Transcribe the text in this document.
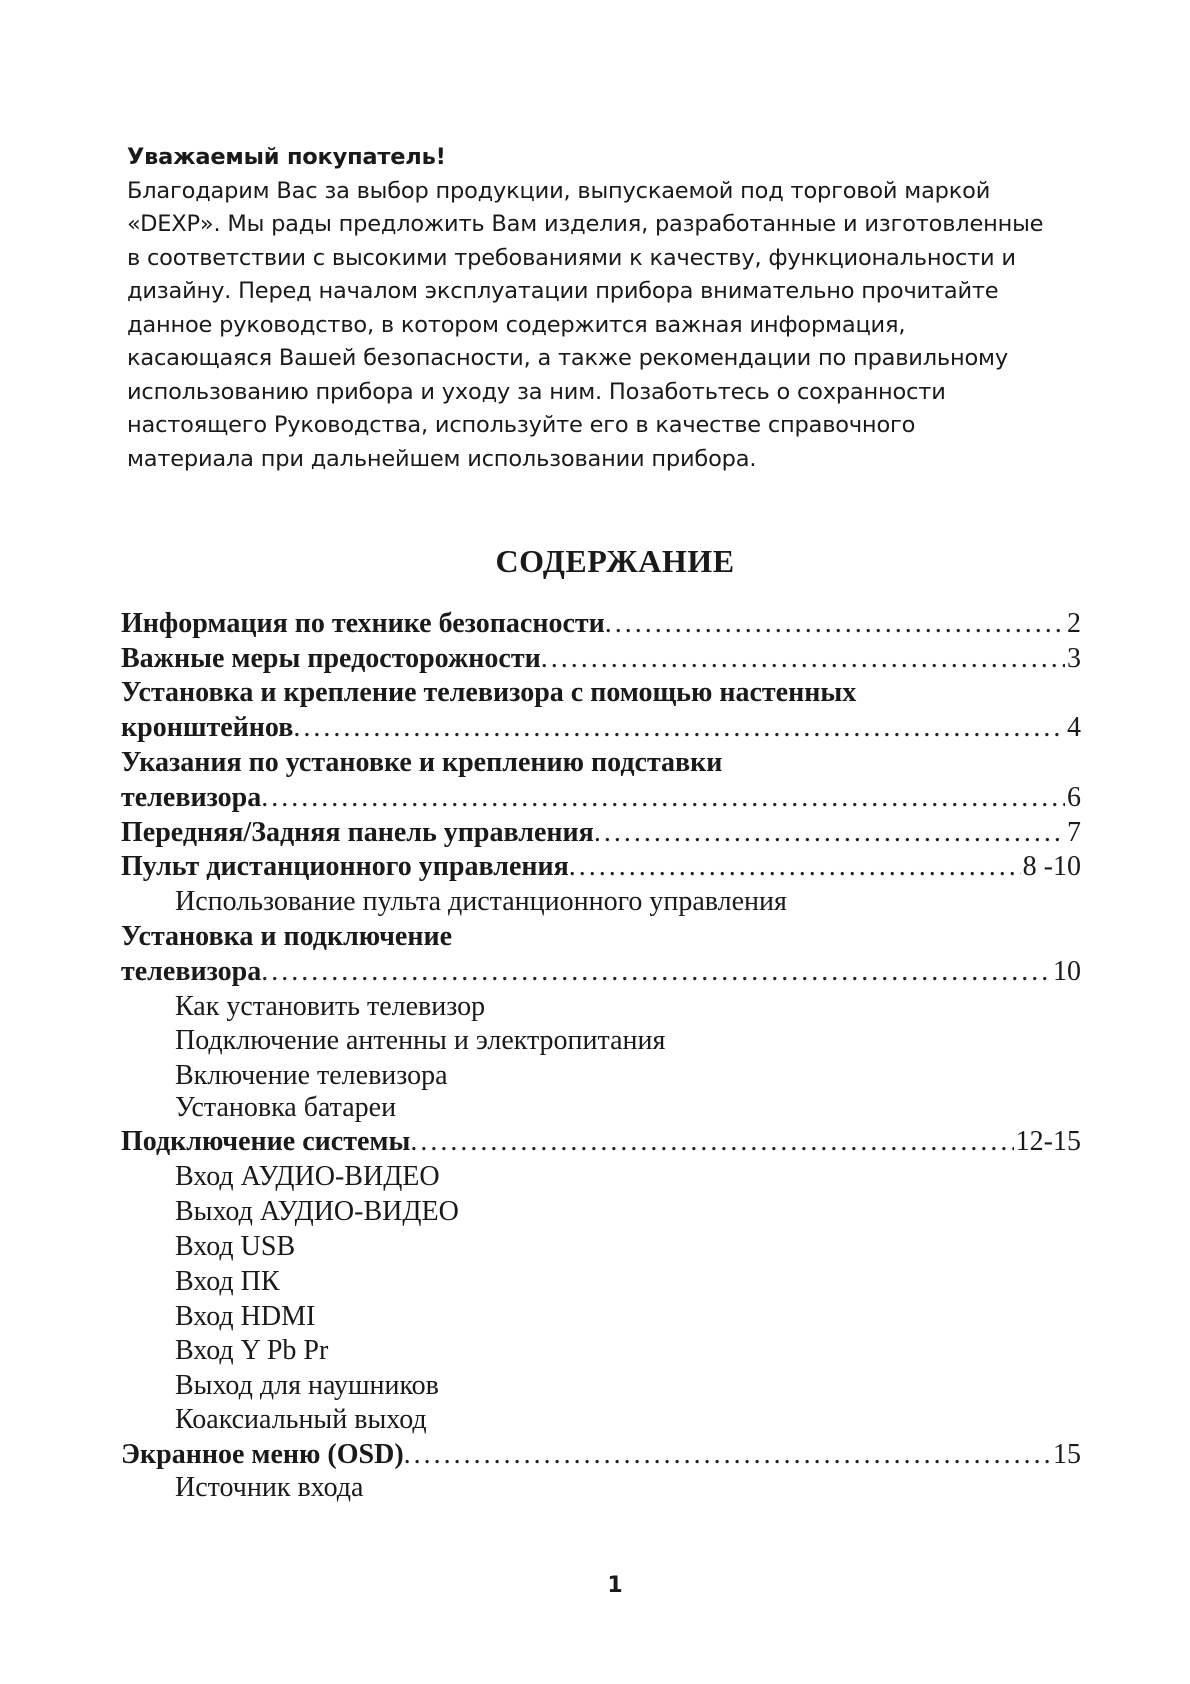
Уважаемый покупатель!

Благодарим Вас за выбор продукции, выпускаемой под торговой маркой

«DEXP». Мы рады предложить Вам изделия, разработанные и изготовленные

в соответствии с высокими требованиями к качеству, функциональности и

дизайну. Перед началом эксплуатации прибора внимательно прочитайте

данное руководство, в котором содержится важная информация,

касающаяся Вашей безопасности, а также рекомендации по правильному

использованию прибора и уходу за ним. Позаботьтесь о сохранности

настоящего Руководства, используйте его в качестве справочного

материала при дальнейшем использовании прибора.

СОДЕРЖАНИЕ
Информация по технике безопасности .....	2
Важные меры предосторожности .....	3
Установка и крепление телевизора с помощью настенных
кронштейнов .....	4
Указания по установке и креплению подставки
телевизора .....	6
Передняя/Задняя панель управления .....	7
Пульт дистанционного управления .....	8 -10
Использование пульта дистанционного управления
Установка и подключение
телевизора .....	10
Как установить телевизор
Подключение антенны и электропитания
Включение телевизора
Установка батареи
Подключение системы .....	12-15
Вход АУДИО-ВИДЕО
Выход АУДИО-ВИДЕО
Вход USB
Вход ПК
Вход HDMI
Вход Y Pb Pr
Выход для наушников
Коаксиальный выход
Экранное меню (OSD) .....	15
Источник входа
1
